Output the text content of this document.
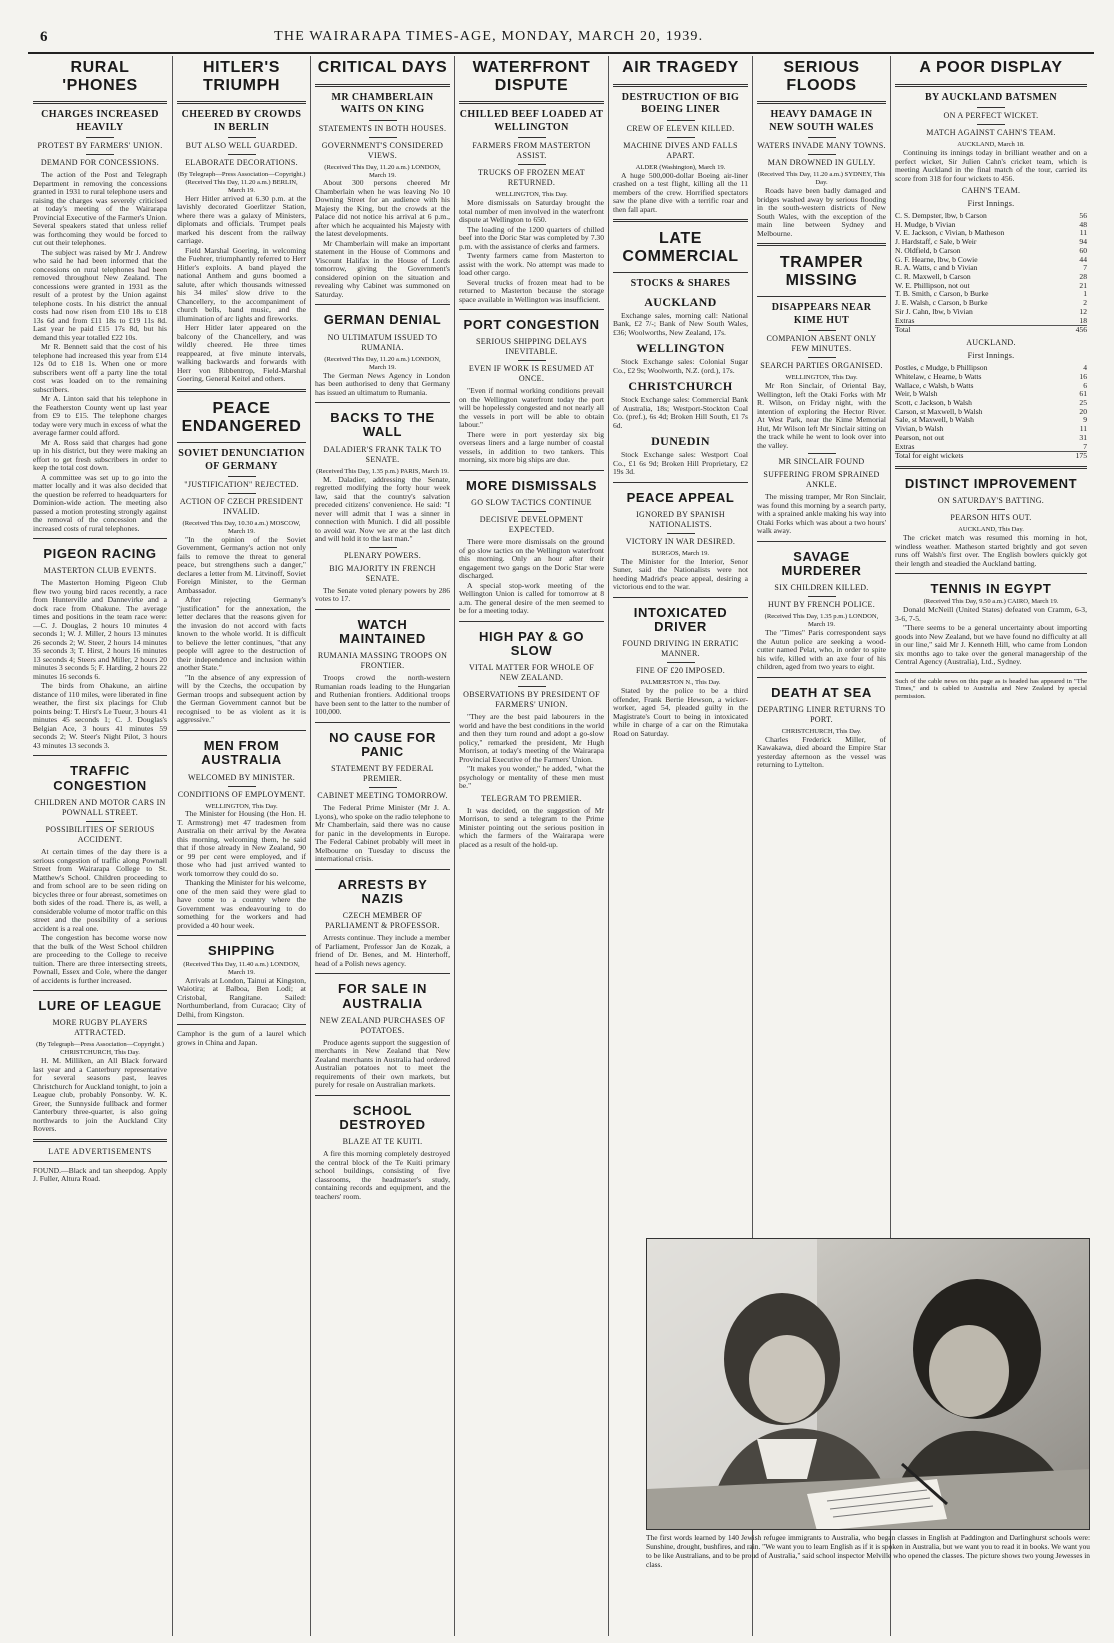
6	THE WAIRARAPA TIMES-AGE, MONDAY, MARCH 20, 1939.
RURAL 'PHONES
CHARGES INCREASED HEAVILY
PROTEST BY FARMERS' UNION.
DEMAND FOR CONCESSIONS.

The action of the Post and Telegraph Department in removing the concessions granted in 1931 to rural telephone users and raising the charges was severely criticised at today's meeting of the Wairarapa Provincial Executive of the Farmer's Union. Several speakers stated that unless relief was forthcoming they would be forced to cut out their telephones.

The subject was raised by Mr J. Andrew who said he had been informed that the concessions on rural telephones had been removed throughout New Zealand. The concessions were granted in 1931 as the result of a protest by the Union against telephone costs. In his district the annual costs had now risen from £10 18s to £18 13s 6d and from £11 18s to £19 11s 8d. Last year he paid £15 17s 8d, but his demand this year totalled £22 10s.

Mr R. Bennett said that the cost of his telephone had increased this year from £14 12s 0d to £18 1s. When one or more subscribers went off a party line the total cost was loaded on to the remaining subscribers.

Mr A. Linton said that his telephone in the Featherston County went up last year from £9 to £15. The telephone charges today were very much in excess of what the average farmer could afford.

Mr A. Ross said that charges had gone up in his district, but they were making an effort to get fresh subscribers in order to keep the total cost down.

A committee was set up to go into the matter locally and it was also decided that the question be referred to headquarters for Dominion-wide action. The meeting also passed a motion protesting strongly against the removal of the concession and the increased costs of rural telephones.

PIGEON RACING
MASTERTON CLUB EVENTS.

The Masterton Homing Pigeon Club flew two young bird races recently, a race from Hunterville and Dannevirke and a dock race from Ohakune. The average times and positions in the team race were:—C. J. Douglas, 2 hours 10 minutes 4 seconds 1; W. J. Miller, 2 hours 13 minutes 26 seconds 2; W. Steer, 2 hours 14 minutes 35 seconds 3; T. Hirst, 2 hours 16 minutes 13 seconds 4; Steers and Miller, 2 hours 20 minutes 3 seconds 5; F. Harding, 2 hours 22 minutes 16 seconds 6.

The birds from Ohakune, an airline distance of 110 miles, were liberated in fine weather, the first six placings for Club points being: T. Hirst's Le Tueur, 3 hours 41 minutes 45 seconds 1; C. J. Douglas's Belgian Ace, 3 hours 41 minutes 59 seconds 2; W. Steer's Night Pilot, 3 hours 43 minutes 13 seconds 3.

TRAFFIC CONGESTION
CHILDREN AND MOTOR CARS IN POWNALL STREET.
POSSIBILITIES OF SERIOUS ACCIDENT.

At certain times of the day there is a serious congestion of traffic along Pownall Street from Wairarapa College to St. Matthew's School. Children proceeding to and from school are to be seen riding on bicycles three or four abreast, sometimes on both sides of the road. There is, as well, a considerable volume of motor traffic on this street and the possibility of a serious accident is a real one.

The congestion has become worse now that the bulk of the West School children are proceeding to the College to receive tuition. There are three intersecting streets, Pownall, Essex and Cole, where the danger of accidents is further increased.

LURE OF LEAGUE
MORE RUGBY PLAYERS ATTRACTED.
(By Telegraph—Press Association—Copyright.)
CHRISTCHURCH, This Day.

H. M. Milliken, an All Black forward last year and a Canterbury representative for several seasons past, leaves Christchurch for Auckland tonight, to join a League club, probably Ponsonby. W. K. Greer, the Sunnyside fullback and former Canterbury three-quarter, is also going northwards to join the Auckland City Rovers.

LATE ADVERTISEMENTS
FOUND.—Black and tan sheepdog. Apply J. Fuller, Altura Road.
HITLER'S TRIUMPH
CHEERED BY CROWDS IN BERLIN
BUT ALSO WELL GUARDED.
ELABORATE DECORATIONS.
(By Telegraph—Press Association—Copyright.)
(Received This Day, 11.20 a.m.) BERLIN, March 19.

Herr Hitler arrived at 6.30 p.m. at the lavishly decorated Goerlitzer Station, where there was a galaxy of Ministers, diplomats and officials. Trumpet peals marked his descent from the railway carriage.

Field Marshal Goering, in welcoming the Fuehrer, triumphantly referred to Herr Hitler's exploits. A band played the national Anthem and guns boomed a salute, after which thousands witnessed his 34 miles' slow drive to the Chancellery, to the accompaniment of church bells, band music, and the illumination of arc lights and fireworks.

Herr Hitler later appeared on the balcony of the Chancellery, and was wildly cheered. He three times reappeared, at five minute intervals, walking backwards and forwards with Herr von Ribbentrop, Field-Marshal Goering, General Keitel and others.

PEACE ENDANGERED
SOVIET DENUNCIATION OF GERMANY
"JUSTIFICATION" REJECTED.
ACTION OF CZECH PRESIDENT INVALID.
(Received This Day, 10.30 a.m.) MOSCOW, March 19.

"In the opinion of the Soviet Government, Germany's action not only fails to remove the threat to general peace, but strengthens such a danger," declares a letter from M. Litvinoff, Soviet Foreign Minister, to the German Ambassador.

After rejecting Germany's "justification" for the annexation, the letter declares that the reasons given for the invasion do not accord with facts known to the whole world. It is difficult to believe the letter continues, "that any people will agree to the destruction of their independence and inclusion within another State."

"In the absence of any expression of will by the Czechs, the occupation by German troops and subsequent action by the German Government cannot but be recognised to be as violent as it is aggressive."

MEN FROM AUSTRALIA
WELCOMED BY MINISTER.
CONDITIONS OF EMPLOYMENT.
WELLINGTON, This Day.

The Minister for Housing (the Hon. H. T. Armstrong) met 47 tradesmen from Australia on their arrival by the Awatea this morning, welcoming them, he said that if those already in New Zealand, 90 or 99 per cent were employed, and if those who had just arrived wanted to work tomorrow they could do so.

Thanking the Minister for his welcome, one of the men said they were glad to have come to a country where the Government was endeavouring to do something for the workers and had provided a 40 hour week.

SHIPPING
(Received This Day, 11.40 a.m.) LONDON, March 19.

Arrivals at London, Tainui at Kingston, Waiotira; at Balboa, Ben Lodi; at Cristobal, Rangitane. Sailed: Northumberland, from Curacao; City of Delhi, from Kingston.

Camphor is the gum of a laurel which grows in China and Japan.
CRITICAL DAYS
MR CHAMBERLAIN WAITS ON KING
STATEMENTS IN BOTH HOUSES.
GOVERNMENT'S CONSIDERED VIEWS.
(Received This Day, 11.20 a.m.) LONDON, March 19.

About 300 persons cheered Mr Chamberlain when he was leaving No 10 Downing Street for an audience with his Majesty the King, but the crowds at the Palace did not notice his arrival at 6 p.m., after which he acquainted his Majesty with the latest developments.

Mr Chamberlain will make an important statement in the House of Commons and Viscount Halifax in the House of Lords tomorrow, giving the Government's considered opinion on the situation and revealing why Cabinet was summoned on Saturday.

GERMAN DENIAL
NO ULTIMATUM ISSUED TO RUMANIA.
(Received This Day, 11.20 a.m.) LONDON, March 19.

The German News Agency in London has been authorised to deny that Germany has issued an ultimatum to Rumania.

BACKS TO THE WALL
DALADIER'S FRANK TALK TO SENATE.
(Received This Day, 1.35 p.m.) PARIS, March 19.

M. Daladier, addressing the Senate, regretted modifying the forty hour week law, said that the country's salvation preceded citizens' convenience. He said: "I never will admit that I was a sinner in connection with Munich. I did all possible to avoid war. Now we are at the last ditch and will hold it to the last man."

PLENARY POWERS.
BIG MAJORITY IN FRENCH SENATE.

The Senate voted plenary powers by 286 votes to 17.

WATCH MAINTAINED
RUMANIA MASSING TROOPS ON FRONTIER.

Troops crowd the north-western Rumanian roads leading to the Hungarian and Ruthenian frontiers. Additional troops have been sent to the latter to the number of 100,000.

NO CAUSE FOR PANIC
STATEMENT BY FEDERAL PREMIER.
CABINET MEETING TOMORROW.

The Federal Prime Minister (Mr J. A. Lyons), who spoke on the radio telephone to Mr Chamberlain, said there was no cause for panic in the developments in Europe. The Federal Cabinet probably will meet in Melbourne on Tuesday to discuss the international crisis.

ARRESTS BY NAZIS
CZECH MEMBER OF PARLIAMENT & PROFESSOR.

Arrests continue. They include a member of Parliament, Professor Jan de Kozak, a friend of Dr. Benes, and M. Hinterhoff, head of a Polish news agency.

FOR SALE IN AUSTRALIA
NEW ZEALAND PURCHASES OF POTATOES.

Produce agents support the suggestion of merchants in New Zealand that New Zealand merchants in Australia had ordered Australian potatoes not to meet the requirements of their own markets, but purely for resale on Australian markets.

SCHOOL DESTROYED
BLAZE AT TE KUITI.

A fire this morning completely destroyed the central block of the Te Kuiti primary school buildings, consisting of five classrooms, the headmaster's study, containing records and equipment, and the teachers' room.

WATERFRONT DISPUTE
CHILLED BEEF LOADED AT WELLINGTON
FARMERS FROM MASTERTON ASSIST.
TRUCKS OF FROZEN MEAT RETURNED.
WELLINGTON, This Day.

More dismissals on Saturday brought the total number of men involved in the waterfront dispute at Wellington to 650.

The loading of the 1200 quarters of chilled beef into the Doric Star was completed by 7.30 p.m. with the assistance of clerks and farmers.

Twenty farmers came from Masterton to assist with the work. No attempt was made to load other cargo.

Several trucks of frozen meat had to be returned to Masterton because the storage space available in Wellington was insufficient.

PORT CONGESTION
SERIOUS SHIPPING DELAYS INEVITABLE.
EVEN IF WORK IS RESUMED AT ONCE.

"Even if normal working conditions prevail on the Wellington waterfront today the port will be hopelessly congested and not nearly all the vessels in port will be able to obtain labour."

There were in port yesterday six big overseas liners and a large number of coastal vessels, in addition to two tankers. This morning, six more big ships are due.

MORE DISMISSALS
GO SLOW TACTICS CONTINUE
DECISIVE DEVELOPMENT EXPECTED.

There were more dismissals on the ground of go slow tactics on the Wellington waterfront this morning. Only an hour after their engagement two gangs on the Doric Star were discharged.

A special stop-work meeting of the Wellington Union is called for tomorrow at 8 a.m. The general desire of the men seemed to be for a meeting today.

HIGH PAY & GO SLOW
VITAL MATTER FOR WHOLE OF NEW ZEALAND.
OBSERVATIONS BY PRESIDENT OF FARMERS' UNION.

"They are the best paid labourers in the world and have the best conditions in the world and then they turn round and adopt a go-slow policy," remarked the president, Mr Hugh Morrison, at today's meeting of the Wairarapa Provincial Executive of the Farmers' Union.

"It makes you wonder," he added, "what the psychology or mentality of these men must be."

TELEGRAM TO PREMIER.

It was decided, on the suggestion of Mr Morrison, to send a telegram to the Prime Minister pointing out the serious position in which the farmers of the Wairarapa were placed as a result of the hold-up.

AIR TRAGEDY
DESTRUCTION OF BIG BOEING LINER
CREW OF ELEVEN KILLED.
MACHINE DIVES AND FALLS APART.
ALDER (Washington), March 19.

A huge 500,000-dollar Boeing air-liner crashed on a test flight, killing all the 11 members of the crew. Horrified spectators saw the plane dive with a terrific roar and then fall apart.

LATE COMMERCIAL
STOCKS & SHARES
AUCKLAND

Exchange sales, morning call: National Bank, £2 7/-; Bank of New South Wales, £36; Woolworths, New Zealand, 17s.

WELLINGTON

Stock Exchange sales: Colonial Sugar Co., £2 9s; Woolworth, N.Z. (ord.), 17s.

CHRISTCHURCH

Stock Exchange sales: Commercial Bank of Australia, 18s; Westport-Stockton Coal Co. (pref.), 6s 4d; Broken Hill South, £1 7s 6d.

DUNEDIN

Stock Exchange sales: Westport Coal Co., £1 6s 9d; Broken Hill Proprietary, £2 19s 3d.

PEACE APPEAL
IGNORED BY SPANISH NATIONALISTS.
VICTORY IN WAR DESIRED.
BURGOS, March 19.

The Minister for the Interior, Senor Suner, said the Nationalists were not heeding Madrid's peace appeal, desiring a victorious end to the war.

INTOXICATED DRIVER
FOUND DRIVING IN ERRATIC MANNER.
FINE OF £20 IMPOSED.
PALMERSTON N., This Day.

Stated by the police to be a third offender, Frank Bertie Hewson, a wicker-worker, aged 54, pleaded guilty in the Magistrate's Court to being in intoxicated while in charge of a car on the Rimutaka Road on Saturday.

SERIOUS FLOODS
HEAVY DAMAGE IN NEW SOUTH WALES
WATERS INVADE MANY TOWNS.
MAN DROWNED IN GULLY.
(Received This Day, 11.20 a.m.) SYDNEY, This Day.

Roads have been badly damaged and bridges washed away by serious flooding in the south-western districts of New South Wales, with the exception of the main line between Sydney and Melbourne.

TRAMPER MISSING
DISAPPEARS NEAR KIME HUT
COMPANION ABSENT ONLY FEW MINUTES.
SEARCH PARTIES ORGANISED.
WELLINGTON, This Day.

Mr Ron Sinclair, of Oriental Bay, Wellington, left the Otaki Forks with Mr R. Wilson, on Friday night, with the intention of exploring the Hector River. At West Park, near the Kime Memorial Hut, Mr Wilson left Mr Sinclair sitting on the track while he went to look over into the valley.

MR SINCLAIR FOUND
SUFFERING FROM SPRAINED ANKLE.

The missing tramper, Mr Ron Sinclair, was found this morning by a search party, with a sprained ankle making his way into Otaki Forks which was about a two hours' walk away.

SAVAGE MURDERER
SIX CHILDREN KILLED.
HUNT BY FRENCH POLICE.
(Received This Day, 1.35 p.m.) LONDON, March 19.

The "Times" Paris correspondent says the Autun police are seeking a wood-cutter named Pelat, who, in order to spite his wife, killed with an axe four of his children, aged from two years to eight.

DEATH AT SEA
DEPARTING LINER RETURNS TO PORT.
CHRISTCHURCH, This Day.

Charles Frederick Miller, of Kawakawa, died aboard the Empire Star yesterday afternoon as the vessel was returning to Lyttelton.

A POOR DISPLAY
BY AUCKLAND BATSMEN
ON A PERFECT WICKET.
MATCH AGAINST CAHN'S TEAM.
AUCKLAND, March 18.

Continuing its innings today in brilliant weather and on a perfect wicket, Sir Julien Cahn's cricket team, which is meeting Auckland in the final match of the tour, carried its score from 318 for four wickets to 456.

CAHN'S TEAM.
First Innings.
C. S. Dempster, lbw, b Carson	56
H. Mudge, b Vivian	48
V. E. Jackson, c Vivian, b Matheson	11
J. Hardstaff, c Sale, b Weir	94
N. Oldfield, b Carson	60
G. F. Hearne, lbw, b Cowie	44
R. A. Watts, c and b Vivian	7
C. R. Maxwell, b Carson	28
W. E. Phillipson, not out	21
T. B. Smith, c Carson, b Burke	1
J. E. Walsh, c Carson, b Burke	2
Sir J. Cahn, lbw, b Vivian	12
Extras	18
Total	456
AUCKLAND.
First Innings.
Postles, c Mudge, b Phillipson	4
Whitelaw, c Hearne, b Watts	16
Wallace, c Walsh, b Watts	6
Weir, b Walsh	61
Scott, c Jackson, b Walsh	25
Carson, st Maxwell, b Walsh	20
Sale, st Maxwell, b Walsh	9
Vivian, b Walsh	11
Pearson, not out	31
Extras	7
Total for eight wickets	175
DISTINCT IMPROVEMENT
ON SATURDAY'S BATTING.
PEARSON HITS OUT.
AUCKLAND, This Day.

The cricket match was resumed this morning in hot, windless weather. Matheson started brightly and got seven runs off Walsh's first over. The English bowlers quickly got their length and steadied the Auckland batting.

TENNIS IN EGYPT
(Received This Day, 9.50 a.m.) CAIRO, March 19.

Donald McNeill (United States) defeated von Cramm, 6-3, 3-6, 7-5.

"There seems to be a general uncertainty about importing goods into New Zealand, but we have found no difficulty at all in our line," said Mr J. Kenneth Hill, who came from London six months ago to take over the general managership of the Central Agency (Australia), Ltd., Sydney.

Such of the cable news on this page as is headed has appeared in "The Times," and is cabled to Australia and New Zealand by special permission.
The first words learned by 140 Jewish refugee immigrants to Australia, who began classes in English at Paddington and Darlinghurst schools were: Sunshine, drought, bushfires, and rain. "We want you to learn English as if it is spoken in Australia, but we want you to read it in books. We want you to be like Australians, and to be proud of Australia," said school inspector Melville who opened the classes. The picture shows two young Jewesses in class.
